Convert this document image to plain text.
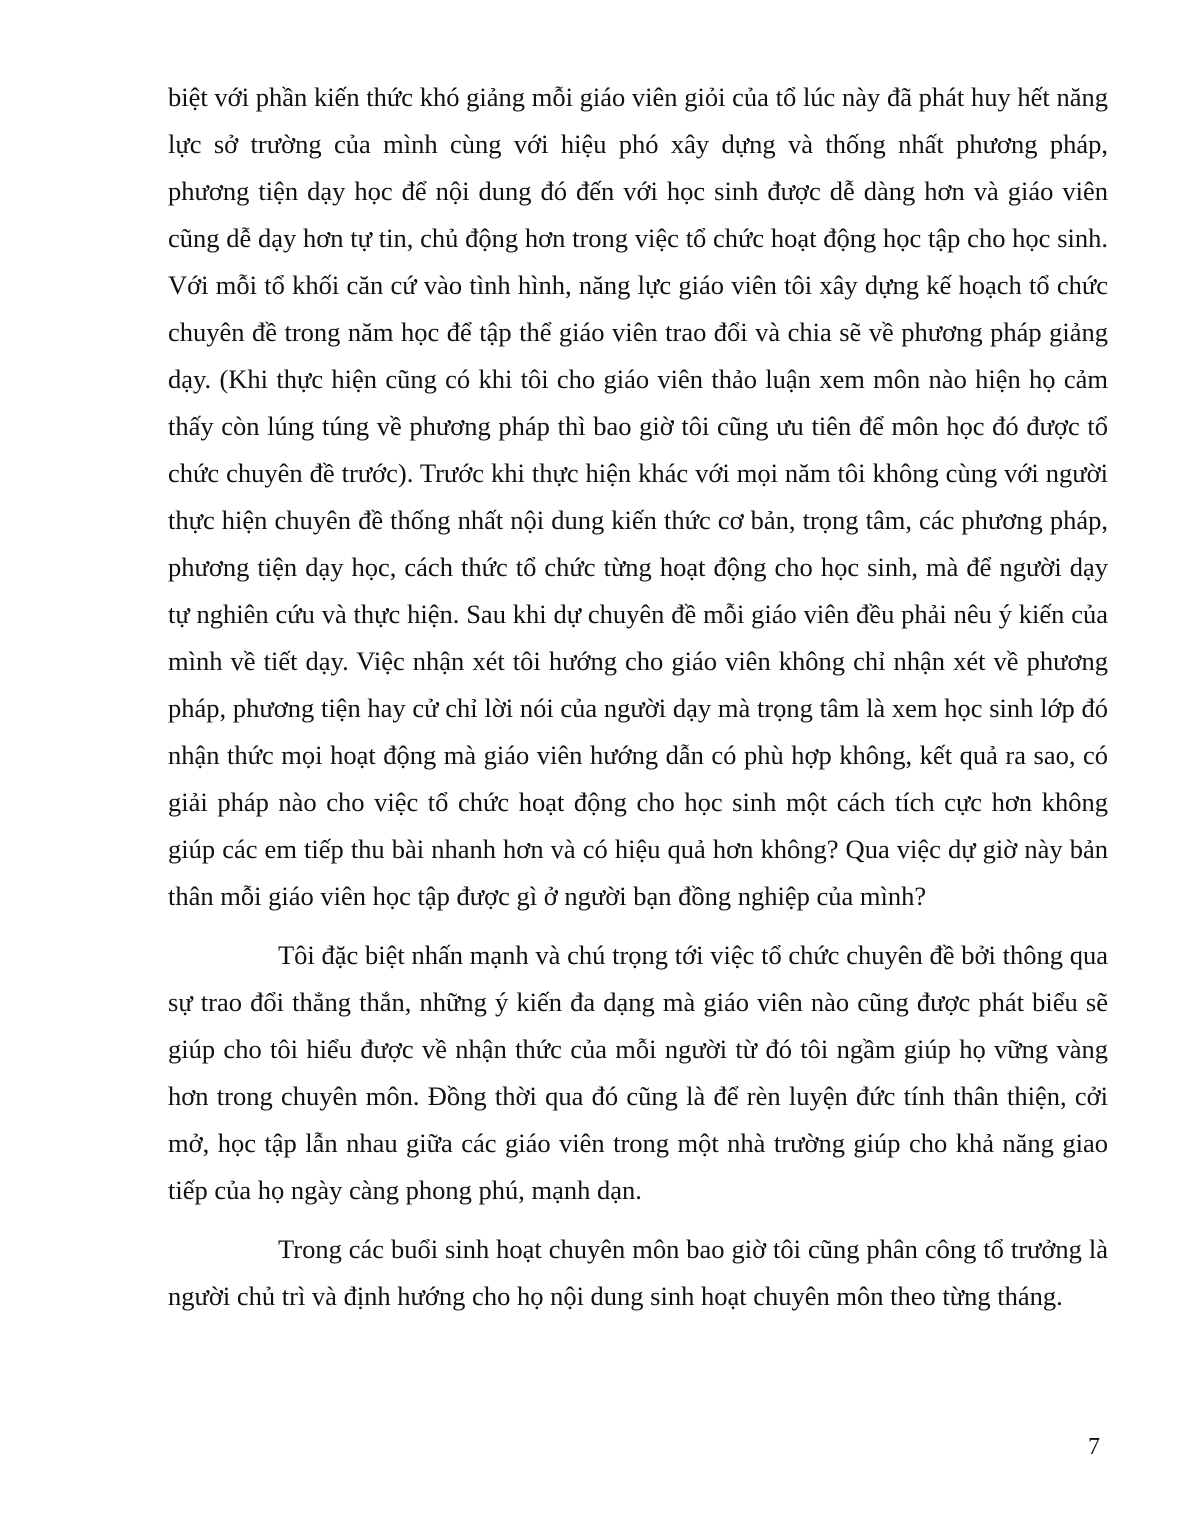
biệt với phần kiến thức khó giảng mỗi giáo viên giỏi của tổ lúc này đã phát huy hết năng lực sở trường của mình cùng với hiệu phó xây dựng và thống nhất phương pháp, phương tiện dạy học để nội dung đó đến với học sinh được dễ dàng hơn và giáo viên cũng dễ dạy hơn tự tin, chủ động hơn trong việc tổ chức hoạt động học tập cho học sinh. Với mỗi tổ khối căn cứ vào tình hình, năng lực giáo viên tôi xây dựng kế hoạch tổ chức chuyên đề trong năm học để tập thể giáo viên trao đổi và chia sẽ về phương pháp giảng dạy. (Khi thực hiện cũng có khi tôi cho giáo viên thảo luận xem môn nào hiện họ cảm thấy còn lúng túng về phương pháp thì bao giờ tôi cũng ưu tiên để môn học đó được tổ chức chuyên đề trước). Trước khi thực hiện khác với mọi năm tôi không cùng với người thực hiện chuyên đề thống nhất nội dung kiến thức cơ bản, trọng tâm, các phương pháp, phương tiện dạy học, cách thức tổ chức từng hoạt động cho học sinh, mà để người dạy tự nghiên cứu và thực hiện. Sau khi dự chuyên đề mỗi giáo viên đều phải nêu ý kiến của mình về tiết dạy. Việc nhận xét tôi hướng cho giáo viên không chỉ nhận xét về phương pháp, phương tiện hay cử chỉ lời nói của người dạy mà trọng tâm là xem học sinh lớp đó nhận thức mọi hoạt động mà giáo viên hướng dẫn có phù hợp không, kết quả ra sao, có giải pháp nào cho việc tổ chức hoạt động cho học sinh một cách tích cực hơn không giúp các em tiếp thu bài nhanh hơn và có hiệu quả hơn không? Qua việc dự giờ này bản thân mỗi giáo viên học tập được gì ở người bạn đồng nghiệp của mình?

Tôi đặc biệt nhấn mạnh và chú trọng tới việc tổ chức chuyên đề bởi thông qua sự trao đổi thẳng thắn, những ý kiến đa dạng mà giáo viên nào cũng được phát biểu sẽ giúp cho tôi hiểu được về nhận thức của mỗi người từ đó tôi ngầm giúp họ vững vàng hơn trong chuyên môn. Đồng thời qua đó cũng là để rèn luyện đức tính thân thiện, cởi mở, học tập lẫn nhau giữa các giáo viên trong một nhà trường giúp cho khả năng giao tiếp của họ ngày càng phong phú, mạnh dạn.

Trong các buổi sinh hoạt chuyên môn bao giờ tôi cũng phân công tổ trưởng là người chủ trì và định hướng cho họ nội dung sinh hoạt chuyên môn theo từng tháng.

7
